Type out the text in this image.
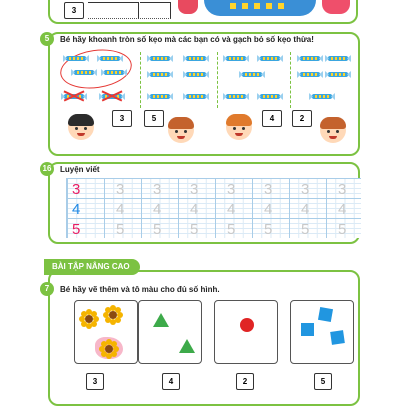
3
5	Bé hãy khoanh tròn số kẹo mà các bạn có và gạch bỏ số kẹo thừa!
3	5	4	2
16	Luyện viết
3 3 3 3 3 3 3 3
4 4 4 4 4 4 4 4
5 5 5 5 5 5 5 5
BÀI TẬP NÂNG CAO
7	Bé hãy vẽ thêm và tô màu cho đủ số hình.
3	4	2	5
